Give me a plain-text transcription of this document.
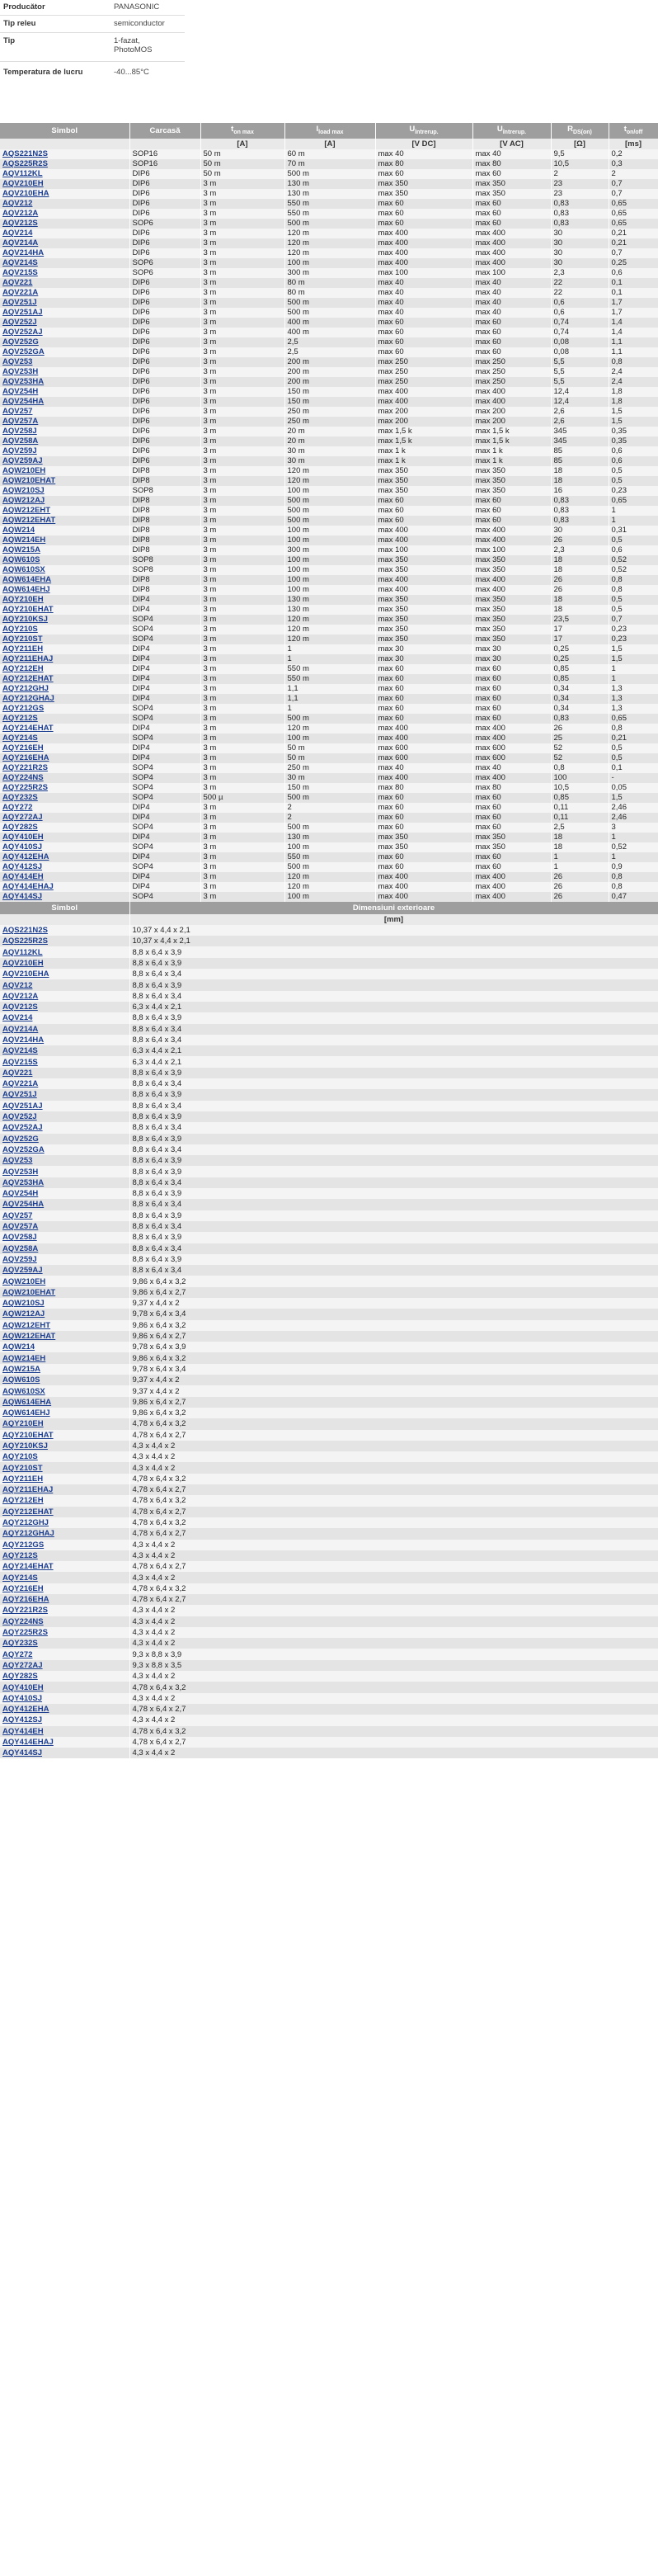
Producător	PANASONIC
Tip releu	semiconductor
Tip	1-fazat,
PhotoMOS
Temperatura de lucru	-40...85°C
Simbol	Carcasă	$t_{on max}$	$I_{load max}$	$U_{întrerup.}$	$U_{întrerup.}$	$R_{DS(on)}$	$t_{on/off}$
		[A]	[A]	[V DC]	[V AC]	[Ω]	[ms]
AQS221N2S	SOP16	50 m	60 m	max 40	max 40	9,5	0,2
AQS225R2S	SOP16	50 m	70 m	max 80	max 80	10,5	0,3
AQV112KL	DIP6	50 m	500 m	max 60	max 60	2	2
AQV210EH	DIP6	3 m	130 m	max 350	max 350	23	0,7
AQV210EHA	DIP6	3 m	130 m	max 350	max 350	23	0,7
AQV212	DIP6	3 m	550 m	max 60	max 60	0,83	0,65
AQV212A	DIP6	3 m	550 m	max 60	max 60	0,83	0,65
AQV212S	SOP6	3 m	500 m	max 60	max 60	0,83	0,65
AQV214	DIP6	3 m	120 m	max 400	max 400	30	0,21
AQV214A	DIP6	3 m	120 m	max 400	max 400	30	0,21
AQV214HA	DIP6	3 m	120 m	max 400	max 400	30	0,7
AQV214S	SOP6	3 m	100 m	max 400	max 400	30	0,25
AQV215S	SOP6	3 m	300 m	max 100	max 100	2,3	0,6
AQV221	DIP6	3 m	80 m	max 40	max 40	22	0,1
AQV221A	DIP6	3 m	80 m	max 40	max 40	22	0,1
AQV251J	DIP6	3 m	500 m	max 40	max 40	0,6	1,7
AQV251AJ	DIP6	3 m	500 m	max 40	max 40	0,6	1,7
AQV252J	DIP6	3 m	400 m	max 60	max 60	0,74	1,4
AQV252AJ	DIP6	3 m	400 m	max 60	max 60	0,74	1,4
AQV252G	DIP6	3 m	2,5	max 60	max 60	0,08	1,1
AQV252GA	DIP6	3 m	2,5	max 60	max 60	0,08	1,1
AQV253	DIP6	3 m	200 m	max 250	max 250	5,5	0,8
AQV253H	DIP6	3 m	200 m	max 250	max 250	5,5	2,4
AQV253HA	DIP6	3 m	200 m	max 250	max 250	5,5	2,4
AQV254H	DIP6	3 m	150 m	max 400	max 400	12,4	1,8
AQV254HA	DIP6	3 m	150 m	max 400	max 400	12,4	1,8
AQV257	DIP6	3 m	250 m	max 200	max 200	2,6	1,5
AQV257A	DIP6	3 m	250 m	max 200	max 200	2,6	1,5
AQV258J	DIP6	3 m	20 m	max 1,5 k	max 1,5 k	345	0,35
AQV258A	DIP6	3 m	20 m	max 1,5 k	max 1,5 k	345	0,35
AQV259J	DIP6	3 m	30 m	max 1 k	max 1 k	85	0,6
AQV259AJ	DIP6	3 m	30 m	max 1 k	max 1 k	85	0,6
AQW210EH	DIP8	3 m	120 m	max 350	max 350	18	0,5
AQW210EHAT	DIP8	3 m	120 m	max 350	max 350	18	0,5
AQW210SJ	SOP8	3 m	100 m	max 350	max 350	16	0,23
AQW212AJ	DIP8	3 m	500 m	max 60	max 60	0,83	0,65
AQW212EHT	DIP8	3 m	500 m	max 60	max 60	0,83	1
AQW212EHAT	DIP8	3 m	500 m	max 60	max 60	0,83	1
AQW214	DIP8	3 m	100 m	max 400	max 400	30	0,31
AQW214EH	DIP8	3 m	100 m	max 400	max 400	26	0,5
AQW215A	DIP8	3 m	300 m	max 100	max 100	2,3	0,6
AQW610S	SOP8	3 m	100 m	max 350	max 350	18	0,52
AQW610SX	SOP8	3 m	100 m	max 350	max 350	18	0,52
AQW614EHA	DIP8	3 m	100 m	max 400	max 400	26	0,8
AQW614EHJ	DIP8	3 m	100 m	max 400	max 400	26	0,8
AQY210EH	DIP4	3 m	130 m	max 350	max 350	18	0,5
AQY210EHAT	DIP4	3 m	130 m	max 350	max 350	18	0,5
AQY210KSJ	SOP4	3 m	120 m	max 350	max 350	23,5	0,7
AQY210S	SOP4	3 m	120 m	max 350	max 350	17	0,23
AQY210ST	SOP4	3 m	120 m	max 350	max 350	17	0,23
AQY211EH	DIP4	3 m	1	max 30	max 30	0,25	1,5
AQY211EHAJ	DIP4	3 m	1	max 30	max 30	0,25	1,5
AQY212EH	DIP4	3 m	550 m	max 60	max 60	0,85	1
AQY212EHAT	DIP4	3 m	550 m	max 60	max 60	0,85	1
AQY212GHJ	DIP4	3 m	1,1	max 60	max 60	0,34	1,3
AQY212GHAJ	DIP4	3 m	1,1	max 60	max 60	0,34	1,3
AQY212GS	SOP4	3 m	1	max 60	max 60	0,34	1,3
AQY212S	SOP4	3 m	500 m	max 60	max 60	0,83	0,65
AQY214EHAT	DIP4	3 m	120 m	max 400	max 400	26	0,8
AQY214S	SOP4	3 m	100 m	max 400	max 400	25	0,21
AQY216EH	DIP4	3 m	50 m	max 600	max 600	52	0,5
AQY216EHA	DIP4	3 m	50 m	max 600	max 600	52	0,5
AQY221R2S	SOP4	3 m	250 m	max 40	max 40	0,8	0,1
AQY224NS	SOP4	3 m	30 m	max 400	max 400	100	-
AQY225R2S	SOP4	3 m	150 m	max 80	max 80	10,5	0,05
AQY232S	SOP4	500 µ	500 m	max 60	max 60	0,85	1,5
AQY272	DIP4	3 m	2	max 60	max 60	0,11	2,46
AQY272AJ	DIP4	3 m	2	max 60	max 60	0,11	2,46
AQY282S	SOP4	3 m	500 m	max 60	max 60	2,5	3
AQY410EH	DIP4	3 m	130 m	max 350	max 350	18	1
AQY410SJ	SOP4	3 m	100 m	max 350	max 350	18	0,52
AQY412EHA	DIP4	3 m	550 m	max 60	max 60	1	1
AQY412SJ	SOP4	3 m	500 m	max 60	max 60	1	0,9
AQY414EH	DIP4	3 m	120 m	max 400	max 400	26	0,8
AQY414EHAJ	DIP4	3 m	120 m	max 400	max 400	26	0,8
AQY414SJ	SOP4	3 m	100 m	max 400	max 400	26	0,47
Simbol	Dimensiuni exterioare
	[mm]
AQS221N2S	10,37 x 4,4 x 2,1
AQS225R2S	10,37 x 4,4 x 2,1
AQV112KL	8,8 x 6,4 x 3,9
AQV210EH	8,8 x 6,4 x 3,9
AQV210EHA	8,8 x 6,4 x 3,4
AQV212	8,8 x 6,4 x 3,9
AQV212A	8,8 x 6,4 x 3,4
AQV212S	6,3 x 4,4 x 2,1
AQV214	8,8 x 6,4 x 3,9
AQV214A	8,8 x 6,4 x 3,4
AQV214HA	8,8 x 6,4 x 3,4
AQV214S	6,3 x 4,4 x 2,1
AQV215S	6,3 x 4,4 x 2,1
AQV221	8,8 x 6,4 x 3,9
AQV221A	8,8 x 6,4 x 3,4
AQV251J	8,8 x 6,4 x 3,9
AQV251AJ	8,8 x 6,4 x 3,4
AQV252J	8,8 x 6,4 x 3,9
AQV252AJ	8,8 x 6,4 x 3,4
AQV252G	8,8 x 6,4 x 3,9
AQV252GA	8,8 x 6,4 x 3,4
AQV253	8,8 x 6,4 x 3,9
AQV253H	8,8 x 6,4 x 3,9
AQV253HA	8,8 x 6,4 x 3,4
AQV254H	8,8 x 6,4 x 3,9
AQV254HA	8,8 x 6,4 x 3,4
AQV257	8,8 x 6,4 x 3,9
AQV257A	8,8 x 6,4 x 3,4
AQV258J	8,8 x 6,4 x 3,9
AQV258A	8,8 x 6,4 x 3,4
AQV259J	8,8 x 6,4 x 3,9
AQV259AJ	8,8 x 6,4 x 3,4
AQW210EH	9,86 x 6,4 x 3,2
AQW210EHAT	9,86 x 6,4 x 2,7
AQW210SJ	9,37 x 4,4 x 2
AQW212AJ	9,78 x 6,4 x 3,4
AQW212EHT	9,86 x 6,4 x 3,2
AQW212EHAT	9,86 x 6,4 x 2,7
AQW214	9,78 x 6,4 x 3,9
AQW214EH	9,86 x 6,4 x 3,2
AQW215A	9,78 x 6,4 x 3,4
AQW610S	9,37 x 4,4 x 2
AQW610SX	9,37 x 4,4 x 2
AQW614EHA	9,86 x 6,4 x 2,7
AQW614EHJ	9,86 x 6,4 x 3,2
AQY210EH	4,78 x 6,4 x 3,2
AQY210EHAT	4,78 x 6,4 x 2,7
AQY210KSJ	4,3 x 4,4 x 2
AQY210S	4,3 x 4,4 x 2
AQY210ST	4,3 x 4,4 x 2
AQY211EH	4,78 x 6,4 x 3,2
AQY211EHAJ	4,78 x 6,4 x 2,7
AQY212EH	4,78 x 6,4 x 3,2
AQY212EHAT	4,78 x 6,4 x 2,7
AQY212GHJ	4,78 x 6,4 x 3,2
AQY212GHAJ	4,78 x 6,4 x 2,7
AQY212GS	4,3 x 4,4 x 2
AQY212S	4,3 x 4,4 x 2
AQY214EHAT	4,78 x 6,4 x 2,7
AQY214S	4,3 x 4,4 x 2
AQY216EH	4,78 x 6,4 x 3,2
AQY216EHA	4,78 x 6,4 x 2,7
AQY221R2S	4,3 x 4,4 x 2
AQY224NS	4,3 x 4,4 x 2
AQY225R2S	4,3 x 4,4 x 2
AQY232S	4,3 x 4,4 x 2
AQY272	9,3 x 8,8 x 3,9
AQY272AJ	9,3 x 8,8 x 3,5
AQY282S	4,3 x 4,4 x 2
AQY410EH	4,78 x 6,4 x 3,2
AQY410SJ	4,3 x 4,4 x 2
AQY412EHA	4,78 x 6,4 x 2,7
AQY412SJ	4,3 x 4,4 x 2
AQY414EH	4,78 x 6,4 x 3,2
AQY414EHAJ	4,78 x 6,4 x 2,7
AQY414SJ	4,3 x 4,4 x 2
